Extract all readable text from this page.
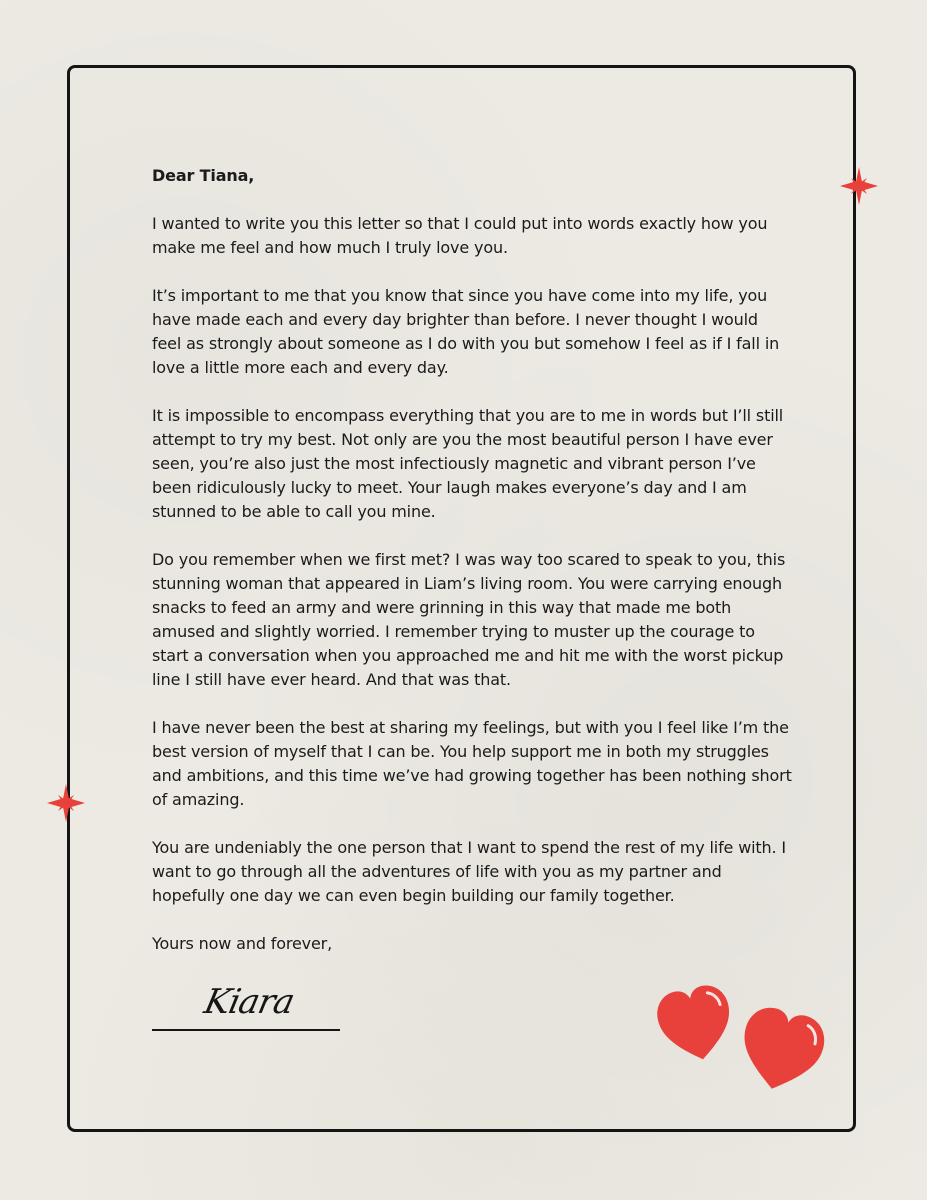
Dear Tiana,

I wanted to write you this letter so that I could put into words exactly how you make me feel and how much I truly love you.

It’s important to me that you know that since you have come into my life, you have made each and every day brighter than before. I never thought I would feel as strongly about someone as I do with you but somehow I feel as if I fall in love a little more each and every day.

It is impossible to encompass everything that you are to me in words but I’ll still attempt to try my best. Not only are you the most beautiful person I have ever seen, you’re also just the most infectiously magnetic and vibrant person I’ve been ridiculously lucky to meet. Your laugh makes everyone’s day and I am stunned to be able to call you mine.

Do you remember when we first met? I was way too scared to speak to you, this stunning woman that appeared in Liam’s living room. You were carrying enough snacks to feed an army and were grinning in this way that made me both amused and slightly worried. I remember trying to muster up the courage to start a conversation when you approached me and hit me with the worst pickup line I still have ever heard. And that was that.

I have never been the best at sharing my feelings, but with you I feel like I’m the best version of myself that I can be. You help support me in both my struggles and ambitions, and this time we’ve had growing together has been nothing short of amazing.

You are undeniably the one person that I want to spend the rest of my life with. I want to go through all the adventures of life with you as my partner and hopefully one day we can even begin building our family together.

Yours now and forever,

Kiara
